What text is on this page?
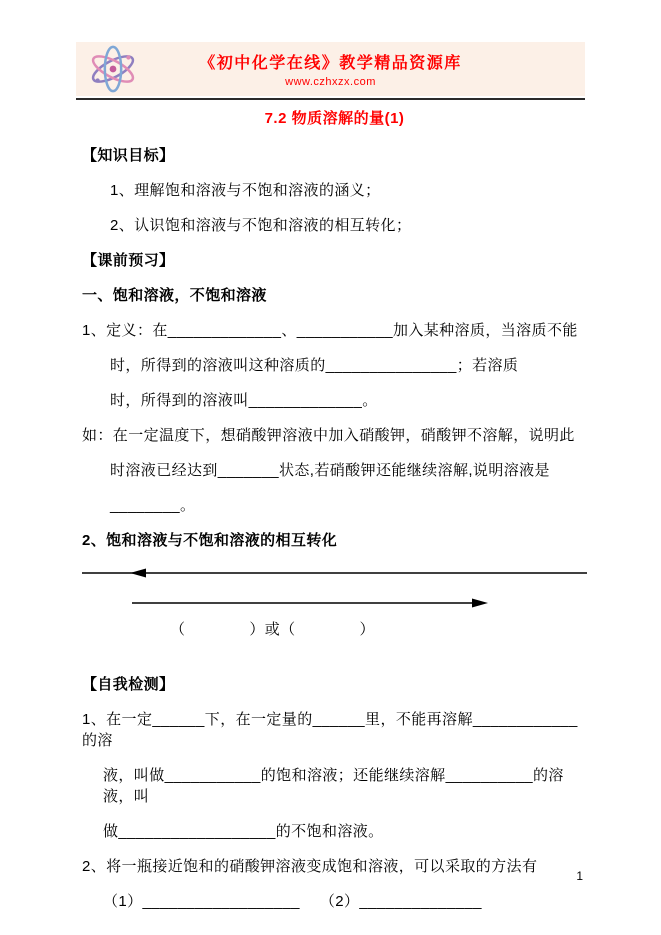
《初中化学在线》教学精品资源库
www.czhxzx.com
7.2 物质溶解的量(1)
【知识目标】
1、理解饱和溶液与不饱和溶液的涵义；
2、认识饱和溶液与不饱和溶液的相互转化；
【课前预习】
一、饱和溶液，不饱和溶液
1、定义：在_____________、___________加入某种溶质，当溶质不能
时，所得到的溶液叫这种溶质的_______________；若溶质
时，所得到的溶液叫_____________。
如：在一定温度下，想硝酸钾溶液中加入硝酸钾，硝酸钾不溶解，说明此
时溶液已经达到_______状态,若硝酸钾还能继续溶解,说明溶液是
________。
2、饱和溶液与不饱和溶液的相互转化
（              ）或（              ）
【自我检测】
1、在一定______下，在一定量的______里，不能再溶解____________的溶
液，叫做___________的饱和溶液；还能继续溶解__________的溶液，叫
做__________________的不饱和溶液。
2、将一瓶接近饱和的硝酸钾溶液变成饱和溶液，可以采取的方法有
（1）__________________　 （2）______________
1
